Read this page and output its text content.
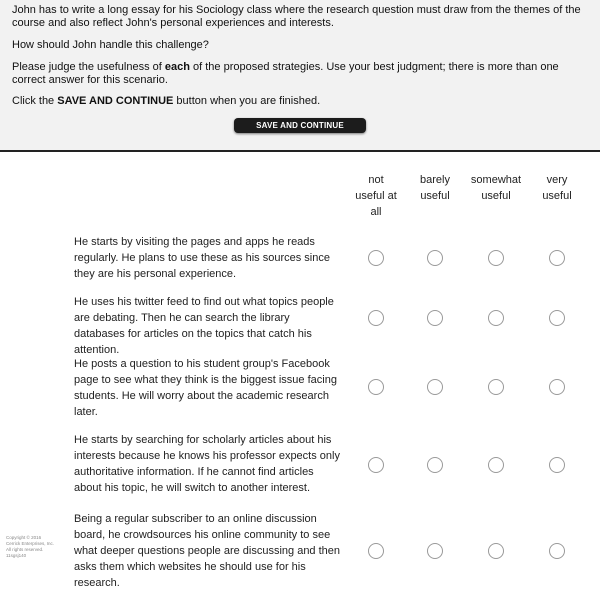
John has to write a long essay for his Sociology class where the research question must draw from the themes of the course and also reflect John's personal experiences and interests.

How should John handle this challenge?

Please judge the usefulness of each of the proposed strategies. Use your best judgment; there is more than one correct answer for this scenario.

Click the SAVE AND CONTINUE button when you are finished.

SAVE AND CONTINUE
not
useful at
all
barely
useful
somewhat
useful
very
useful
He starts by visiting the pages and apps he reads regularly. He plans to use these as his sources since they are his personal experience.
He uses his twitter feed to find out what topics people are debating. Then he can search the library databases for articles on the topics that catch his attention.
He posts a question to his student group's Facebook page to see what they think is the biggest issue facing students. He will worry about the academic research later.
He starts by searching for scholarly articles about his interests because he knows his professor expects only authoritative information. If he cannot find articles about his topic, he will switch to another interest.
Being a regular subscriber to an online discussion board, he crowdsources his online community to see what deeper questions people are discussing and then asks them which websites he should use for his research.
Copyright © 2016
Cerrick Enterprises, Inc.
All rights reserved.
11sgsj140
